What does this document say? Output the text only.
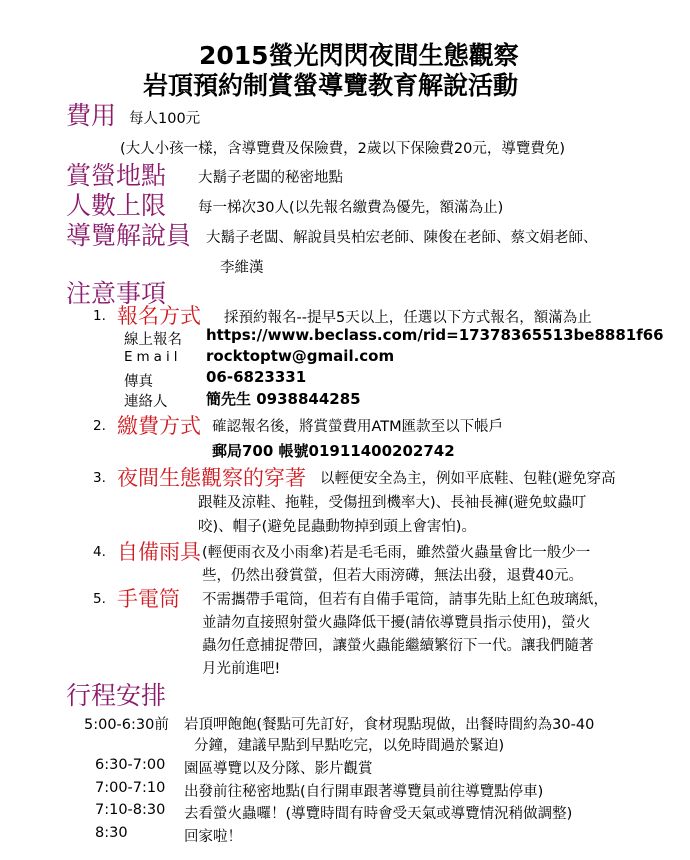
2015螢光閃閃夜間生態觀察
岩頂預約制賞螢導覽教育解說活動
費用 每人100元
(大人小孩一樣，含導覽費及保險費，2歲以下保險費20元，導覽費免)
賞螢地點 大鬍子老闆的秘密地點
人數上限 每一梯次30人(以先報名繳費為優先，額滿為止)
導覽解說員 大鬍子老闆、解說員吳柏宏老師、陳俊在老師、蔡文娟老師、
李維漢
注意事項
1. 報名方式 採預約報名--提早5天以上，任選以下方式報名，額滿為止
線上報名 https://www.beclass.com/rid=17378365513be8881f66
Email rocktoptw@gmail.com
傳真	06-6823331
連絡人	簡先生 0938844285
2. 繳費方式 確認報名後，將賞螢費用ATM匯款至以下帳戶
郵局700 帳號01911400202742
3. 夜間生態觀察的穿著 以輕便安全為主，例如平底鞋、包鞋(避免穿高
跟鞋及涼鞋、拖鞋，受傷扭到機率大)、長袖長褲(避免蚊蟲叮
咬)、帽子(避免昆蟲動物掉到頭上會害怕)。
4. 自備雨具 (輕便雨衣及小雨傘)若是毛毛雨，雖然螢火蟲量會比一般少一
些，仍然出發賞螢，但若大雨滂礡，無法出發，退費40元。
5. 手電筒 不需攜帶手電筒，但若有自備手電筒，請事先貼上紅色玻璃紙，
並請勿直接照射螢火蟲降低干擾(請依導覽員指示使用)，螢火
蟲勿任意捕捉帶回，讓螢火蟲能繼續繁衍下一代。讓我們隨著
月光前進吧!
行程安排
5:00-6:30前 岩頂呷飽飽(餐點可先訂好，食材現點現做，出餐時間約為30-40
分鐘，建議早點到早點吃完，以免時間過於緊迫)
6:30-7:00 園區導覽以及分隊、影片觀賞
7:00-7:10 出發前往秘密地點(自行開車跟著導覽員前往導覽點停車)
7:10-8:30 去看螢火蟲囉！(導覽時間有時會受天氣或導覽情況稍做調整)
8:30	回家啦！
